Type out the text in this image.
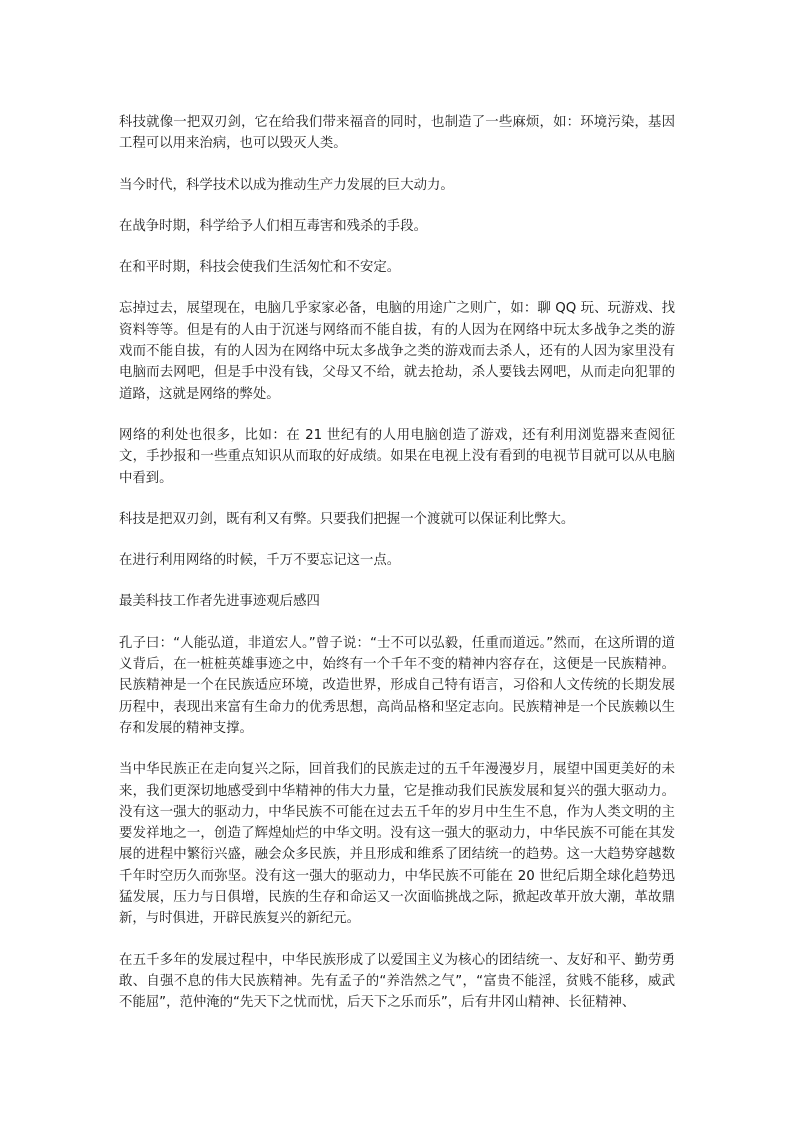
科技就像一把双刃剑，它在给我们带来福音的同时，也制造了一些麻烦，如：环境污染，基因工程可以用来治病，也可以毁灭人类。

当今时代，科学技术以成为推动生产力发展的巨大动力。

在战争时期，科学给予人们相互毒害和残杀的手段。

在和平时期，科技会使我们生活匆忙和不安定。

忘掉过去，展望现在，电脑几乎家家必备，电脑的用途广之则广，如：聊 QQ 玩、玩游戏、找资料等等。但是有的人由于沉迷与网络而不能自拔，有的人因为在网络中玩太多战争之类的游戏而不能自拔，有的人因为在网络中玩太多战争之类的游戏而去杀人，还有的人因为家里没有电脑而去网吧，但是手中没有钱，父母又不给，就去抢劫，杀人要钱去网吧，从而走向犯罪的道路，这就是网络的弊处。

网络的利处也很多，比如：在 21 世纪有的人用电脑创造了游戏，还有利用浏览器来查阅征文，手抄报和一些重点知识从而取的好成绩。如果在电视上没有看到的电视节目就可以从电脑中看到。

科技是把双刃剑，既有利又有弊。只要我们把握一个渡就可以保证利比弊大。

在进行利用网络的时候，千万不要忘记这一点。

最美科技工作者先进事迹观后感四

孔子曰：“人能弘道，非道宏人。”曾子说：“士不可以弘毅，任重而道远。”然而，在这所谓的道义背后，在一桩桩英雄事迹之中，始终有一个千年不变的精神内容存在，这便是一民族精神。民族精神是一个在民族适应环境，改造世界，形成自己特有语言，习俗和人文传统的长期发展历程中，表现出来富有生命力的优秀思想，高尚品格和坚定志向。民族精神是一个民族赖以生存和发展的精神支撑。

当中华民族正在走向复兴之际，回首我们的民族走过的五千年漫漫岁月，展望中国更美好的未来，我们更深切地感受到中华精神的伟大力量，它是推动我们民族发展和复兴的强大驱动力。没有这一强大的驱动力，中华民族不可能在过去五千年的岁月中生生不息，作为人类文明的主要发祥地之一，创造了辉煌灿烂的中华文明。没有这一强大的驱动力，中华民族不可能在其发展的进程中繁衍兴盛，融会众多民族，并且形成和维系了团结统一的趋势。这一大趋势穿越数千年时空历久而弥坚。没有这一强大的驱动力，中华民族不可能在 20 世纪后期全球化趋势迅猛发展，压力与日俱增，民族的生存和命运又一次面临挑战之际，掀起改革开放大潮，革故鼎新，与时俱进，开辟民族复兴的新纪元。

在五千多年的发展过程中，中华民族形成了以爱国主义为核心的团结统一、友好和平、勤劳勇敢、自强不息的伟大民族精神。先有孟子的“养浩然之气”，“富贵不能淫，贫贱不能移，威武不能屈”，范仲淹的“先天下之忧而忧，后天下之乐而乐”，后有井冈山精神、长征精神、
